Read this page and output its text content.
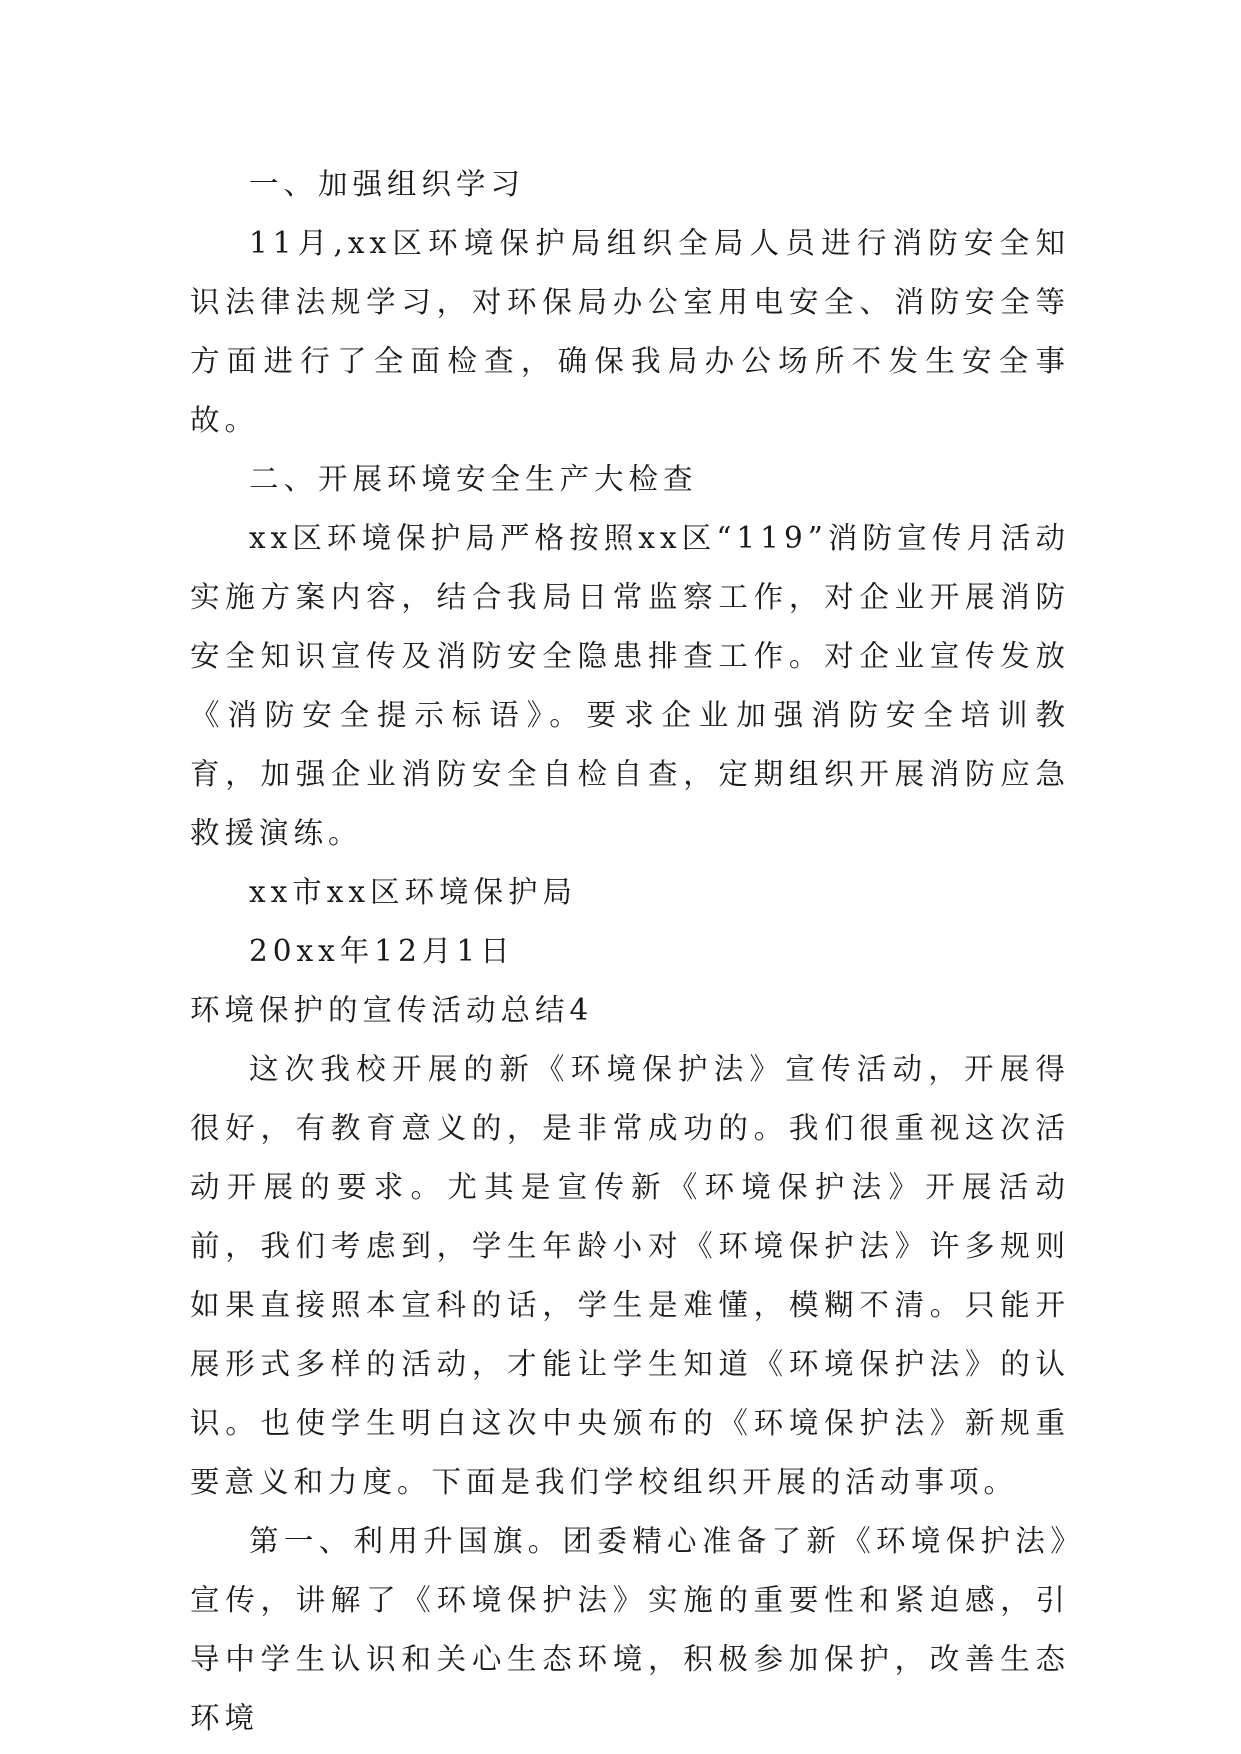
一、加强组织学习

11月,xx区环境保护局组织全局人员进行消防安全知识法律法规学习，对环保局办公室用电安全、消防安全等方面进行了全面检查，确保我局办公场所不发生安全事故。

二、开展环境安全生产大检查

xx区环境保护局严格按照xx区“119”消防宣传月活动实施方案内容，结合我局日常监察工作，对企业开展消防安全知识宣传及消防安全隐患排查工作。对企业宣传发放《消防安全提示标语》。要求企业加强消防安全培训教育，加强企业消防安全自检自查，定期组织开展消防应急救援演练。

xx市xx区环境保护局

20xx年12月1日

环境保护的宣传活动总结4

这次我校开展的新《环境保护法》宣传活动，开展得很好，有教育意义的，是非常成功的。我们很重视这次活动开展的要求。尤其是宣传新《环境保护法》开展活动前，我们考虑到，学生年龄小对《环境保护法》许多规则如果直接照本宣科的话，学生是难懂，模糊不清。只能开展形式多样的活动，才能让学生知道《环境保护法》的认识。也使学生明白这次中央颁布的《环境保护法》新规重要意义和力度。下面是我们学校组织开展的活动事项。

第一、利用升国旗。团委精心准备了新《环境保护法》宣传，讲解了《环境保护法》实施的重要性和紧迫感，引导中学生认识和关心生态环境，积极参加保护，改善生态环境
